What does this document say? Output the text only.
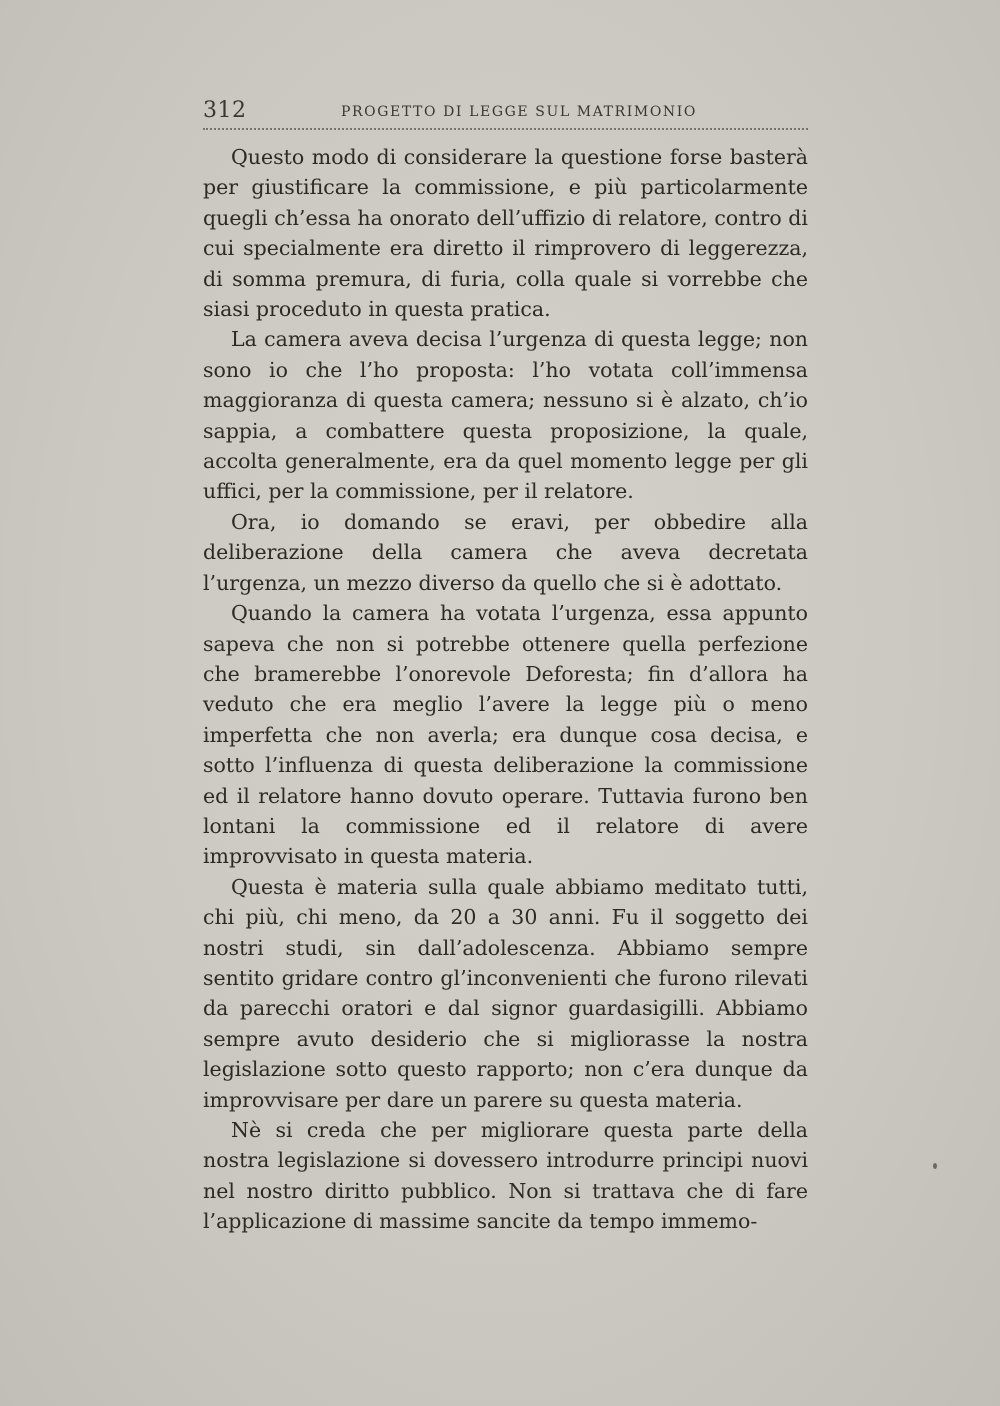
312	PROGETTO DI LEGGE SUL MATRIMONIO

Questo modo di considerare la questione forse basterà per giustificare la commissione, e più particolarmente quegli ch’essa ha onorato dell’uffizio di relatore, contro di cui specialmente era diretto il rimprovero di leggerezza, di somma premura, di furia, colla quale si vorrebbe che siasi proceduto in questa pratica.

La camera aveva decisa l’urgenza di questa legge; non sono io che l’ho proposta: l’ho votata coll’immensa maggioranza di questa camera; nessuno si è alzato, ch’io sappia, a combattere questa proposizione, la quale, accolta generalmente, era da quel momento legge per gli uffici, per la commissione, per il relatore.

Ora, io domando se eravi, per obbedire alla deliberazione della camera che aveva decretata l’urgenza, un mezzo diverso da quello che si è adottato.

Quando la camera ha votata l’urgenza, essa appunto sapeva che non si potrebbe ottenere quella perfezione che bramerebbe l’onorevole Deforesta; fin d’allora ha veduto che era meglio l’avere la legge più o meno imperfetta che non averla; era dunque cosa decisa, e sotto l’influenza di questa deliberazione la commissione ed il relatore hanno dovuto operare. Tuttavia furono ben lontani la commissione ed il relatore di avere improvvisato in questa materia.

Questa è materia sulla quale abbiamo meditato tutti, chi più, chi meno, da 20 a 30 anni. Fu il soggetto dei nostri studi, sin dall’adolescenza. Abbiamo sempre sentito gridare contro gl’inconvenienti che furono rilevati da parecchi oratori e dal signor guardasigilli. Abbiamo sempre avuto desiderio che si migliorasse la nostra legislazione sotto questo rapporto; non c’era dunque da improvvisare per dare un parere su questa materia.

Nè si creda che per migliorare questa parte della nostra legislazione si dovessero introdurre principi nuovi nel nostro diritto pubblico. Non si trattava che di fare l’applicazione di massime sancite da tempo immemo-
